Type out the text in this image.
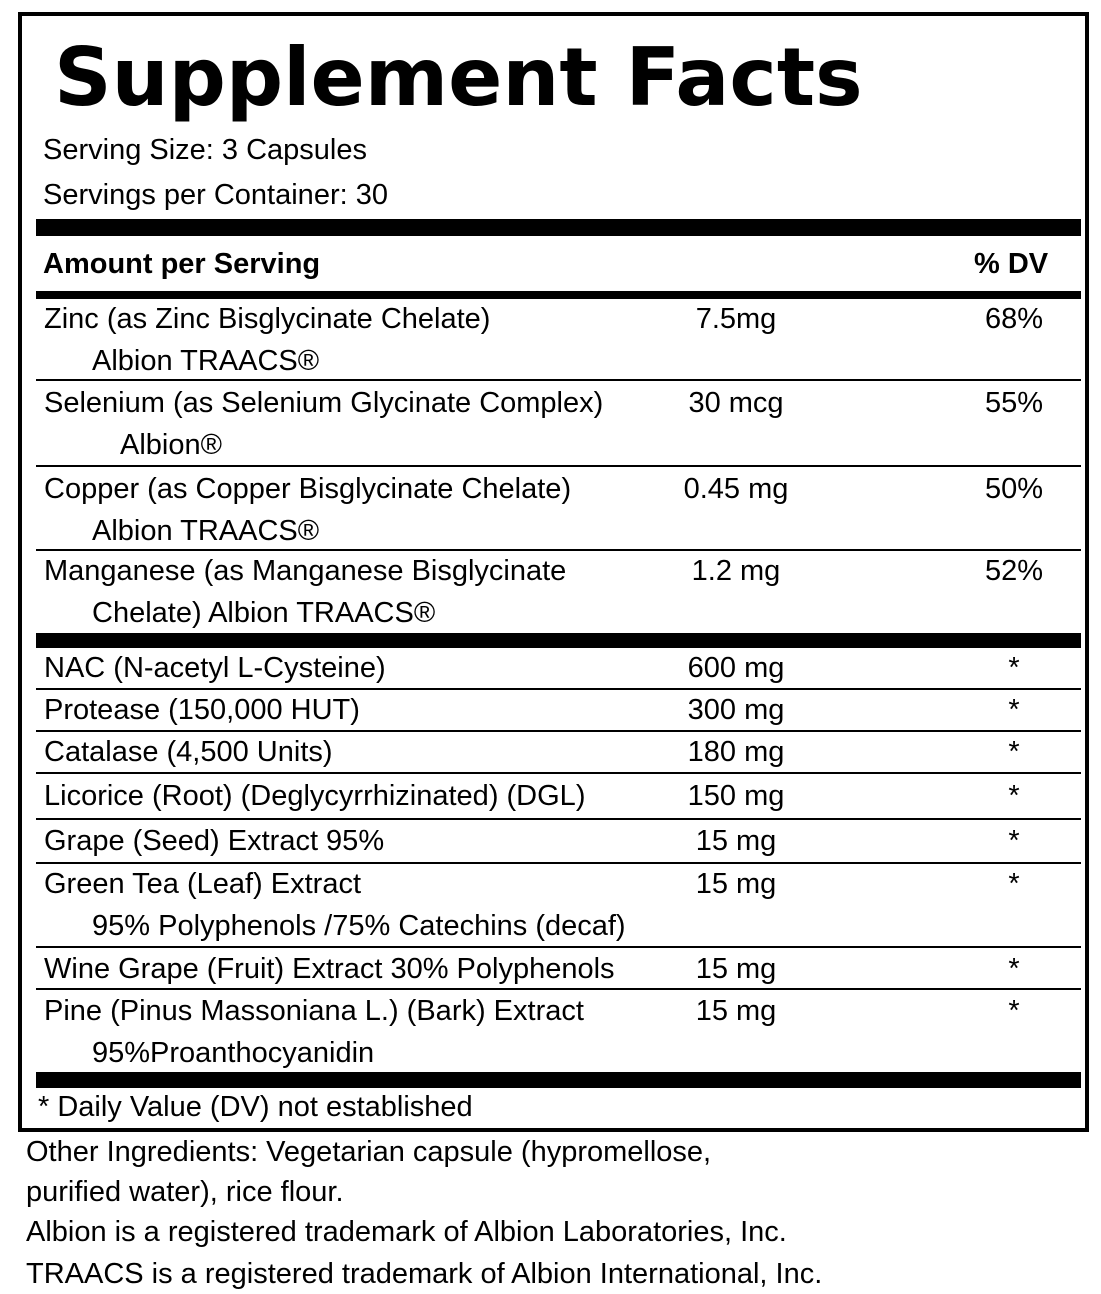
Supplement Facts
Serving Size: 3 Capsules
Servings per Container: 30
Amount per Serving	% DV
Zinc (as Zinc Bisglycinate Chelate)
Albion TRAACS®
7.5mg	68%
Selenium (as Selenium Glycinate Complex)
Albion®
30 mcg	55%
Copper (as Copper Bisglycinate Chelate)
Albion TRAACS®
0.45 mg	50%
Manganese (as Manganese Bisglycinate
Chelate) Albion TRAACS®
1.2 mg	52%
NAC (N-acetyl L-Cysteine)	600 mg	*
Protease (150,000 HUT)	300 mg	*
Catalase (4,500 Units)	180 mg	*
Licorice (Root) (Deglycyrrhizinated) (DGL)	150 mg	*
Grape (Seed) Extract 95%	15 mg	*
Green Tea (Leaf) Extract
95% Polyphenols /75% Catechins (decaf)
15 mg	*
Wine Grape (Fruit) Extract 30% Polyphenols	15 mg	*
Pine (Pinus Massoniana L.) (Bark) Extract
95%Proanthocyanidin
15 mg	*
* Daily Value (DV) not established
Other Ingredients: Vegetarian capsule (hypromellose,
purified water), rice flour.
Albion is a registered trademark of Albion Laboratories, Inc.
TRAACS is a registered trademark of Albion International, Inc.
